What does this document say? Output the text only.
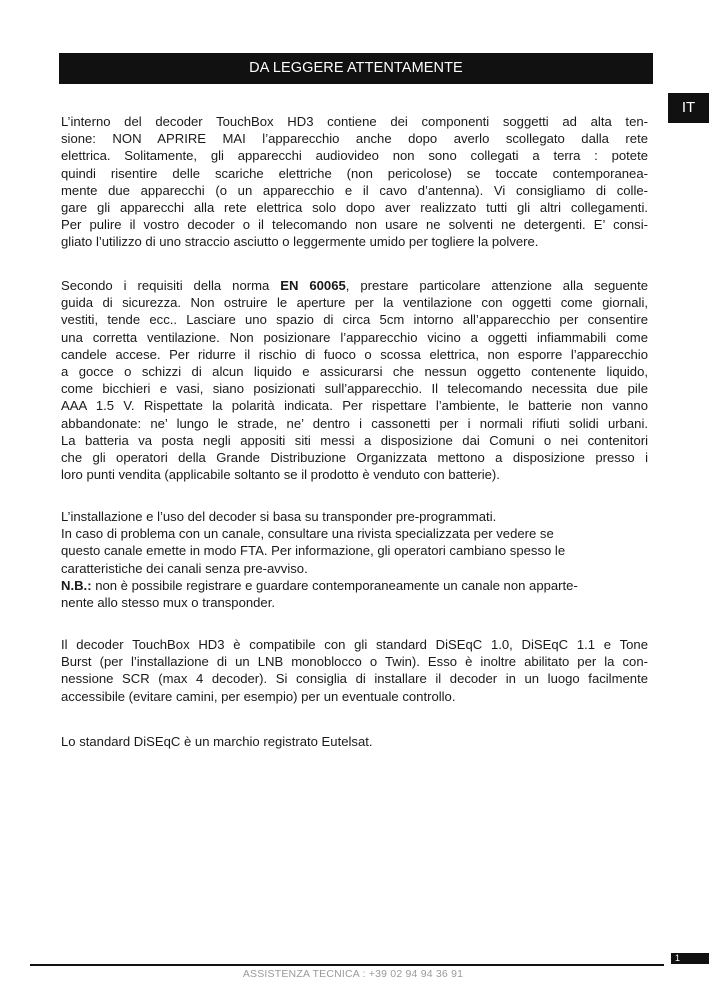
DA LEGGERE ATTENTAMENTE
IT
L’interno del decoder TouchBox HD3 contiene dei componenti soggetti ad alta ten-
sione: NON APRIRE MAI l’apparecchio anche dopo averlo scollegato dalla rete
elettrica. Solitamente, gli apparecchi audiovideo non sono collegati a terra : potete
quindi risentire delle scariche elettriche (non pericolose) se toccate contemporanea-
mente due apparecchi (o un apparecchio e il cavo d’antenna). Vi consigliamo di colle-
gare gli apparecchi alla rete elettrica solo dopo aver realizzato tutti gli altri collegamenti.
Per pulire il vostro decoder o il telecomando non usare ne solventi ne detergenti. E’ consi-
gliato l’utilizzo di uno straccio asciutto o leggermente umido per togliere la polvere.
Secondo i requisiti della norma EN 60065, prestare particolare attenzione alla seguente
guida di sicurezza. Non ostruire le aperture per la ventilazione con oggetti come giornali,
vestiti, tende ecc.. Lasciare uno spazio di circa 5cm intorno all’apparecchio per consentire
una corretta ventilazione. Non posizionare l’apparecchio vicino a oggetti infiammabili come
candele accese. Per ridurre il rischio di fuoco o scossa elettrica, non esporre l’apparecchio
a gocce o schizzi di alcun liquido e assicurarsi che nessun oggetto contenente liquido,
come bicchieri e vasi, siano posizionati sull’apparecchio. Il telecomando necessita due pile
AAA 1.5 V. Rispettate la polarità indicata. Per rispettare l’ambiente, le batterie non vanno
abbandonate: ne’ lungo le strade, ne’ dentro i cassonetti per i normali rifiuti solidi urbani.
La batteria va posta negli appositi siti messi a disposizione dai Comuni o nei contenitori
che gli operatori della Grande Distribuzione Organizzata mettono a disposizione presso i
loro punti vendita (applicabile soltanto se il prodotto è venduto con batterie).

L’installazione e l’uso del decoder si basa su transponder pre-programmati.

In caso di problema con un canale, consultare una rivista specializzata per vedere se

questo canale emette in modo FTA. Per informazione, gli operatori cambiano spesso le

caratteristiche dei canali senza pre-avviso.

N.B.: non è possibile registrare e guardare contemporaneamente un canale non apparte-

nente allo stesso mux o transponder.

Il decoder TouchBox HD3 è compatibile con gli standard DiSEqC 1.0, DiSEqC 1.1 e Tone
Burst (per l’installazione di un LNB monoblocco o Twin). Esso è inoltre abilitato per la con-
nessione SCR (max 4 decoder). Si consiglia di installare il decoder in un luogo facilmente
accessibile (evitare camini, per esempio) per un eventuale controllo.

Lo standard DiSEqC è un marchio registrato Eutelsat.

1
ASSISTENZA TECNICA : +39 02 94 94 36 91
